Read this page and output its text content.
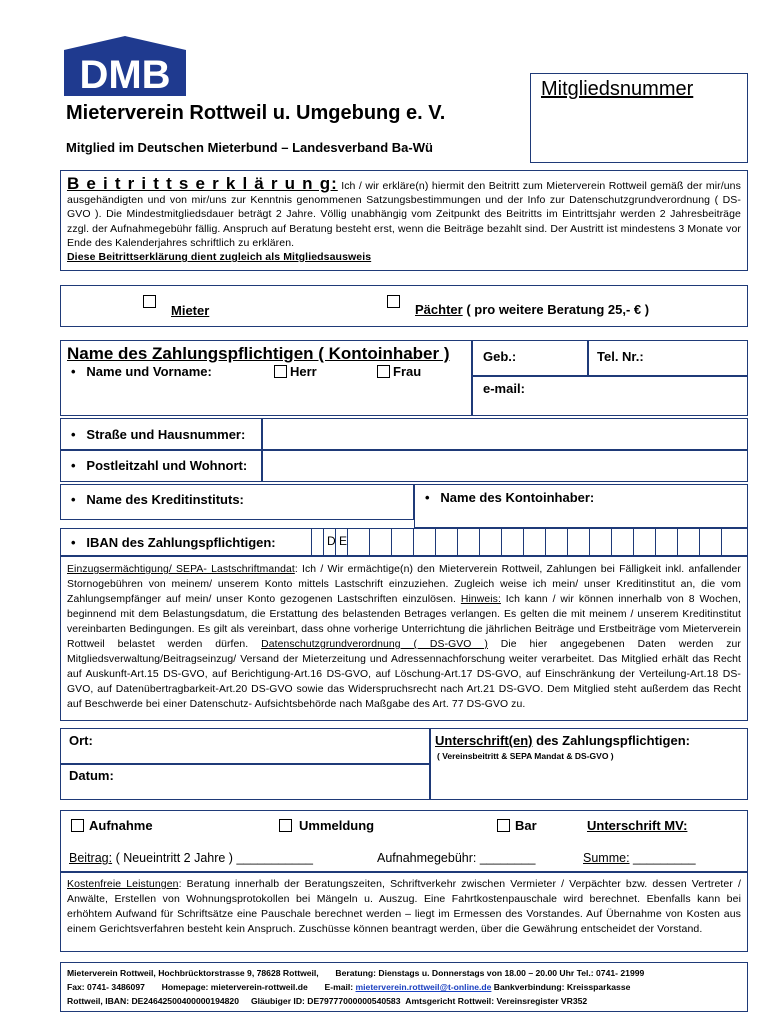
DMB
Mieterverein Rottweil u. Umgebung e. V.
Mitglied im Deutschen Mieterbund – Landesverband Ba-Wü
Mitgliedsnummer
B e i t r i t t s e r k l ä r u n g: Ich / wir erkläre(n) hiermit den Beitritt zum Mieterverein Rottweil gemäß der mir/uns ausgehändigten und von mir/uns zur Kenntnis genommenen Satzungsbestimmungen und der Info zur Datenschutzgrundverordnung ( DS-GVO ). Die Mindestmitgliedsdauer beträgt 2 Jahre. Völlig unabhängig vom Zeitpunkt des Beitritts im Eintrittsjahr werden 2 Jahresbeiträge zzgl. der Aufnahmegebühr fällig. Anspruch auf Beratung besteht erst, wenn die Beiträge bezahlt sind. Der Austritt ist mindestens 3 Monate vor Ende des Kalenderjahres schriftlich zu erklären.
Diese Beitrittserklärung dient zugleich als Mitgliedsausweis
Mieter	Pächter ( pro weitere Beratung 25,- € )
Name des Zahlungspflichtigen ( Kontoinhaber )
• Name und Vorname:	Herr	Frau
Geb.:	Tel. Nr.:
e-mail:
• Straße und Hausnummer:
• Postleitzahl und Wohnort:
• Name des Kreditinstituts:	• Name des Kontoinhaber:
• IBAN des Zahlungspflichtigen:	D E
Einzugsermächtigung/ SEPA- Lastschriftmandat: Ich / Wir ermächtige(n) den Mieterverein Rottweil, Zahlungen bei Fälligkeit inkl. anfallender Stornogebühren von meinem/ unserem Konto mittels Lastschrift einzuziehen. Zugleich weise ich mein/ unser Kreditinstitut an, die vom Zahlungsempfänger auf mein/ unser Konto gezogenen Lastschriften einzulösen. Hinweis: Ich kann / wir können innerhalb von 8 Wochen, beginnend mit dem Belastungsdatum, die Erstattung des belastenden Betrages verlangen. Es gelten die mit meinem / unserem Kreditinstitut vereinbarten Bedingungen. Es gilt als vereinbart, dass ohne vorherige Unterrichtung die jährlichen Beiträge und Erstbeiträge vom Mieterverein Rottweil belastet werden dürfen. Datenschutzgrundverordnung ( DS-GVO ) Die hier angegebenen Daten werden zur Mitgliedsverwaltung/Beitragseinzug/ Versand der Mieterzeitung und Adressennachforschung weiter verarbeitet. Das Mitglied erhält das Recht auf Auskunft-Art.15 DS-GVO, auf Berichtigung-Art.16 DS-GVO, auf Löschung-Art.17 DS-GVO, auf Einschränkung der Verteilung-Art.18 DS-GVO, auf Datenübertragbarkeit-Art.20 DS-GVO sowie das Widerspruchsrecht nach Art.21 DS-GVO. Dem Mitglied steht außerdem das Recht auf Beschwerde bei einer Datenschutz- Aufsichtsbehörde nach Maßgabe des Art. 77 DS-GVO zu.
Ort:
Datum:
Unterschrift(en) des Zahlungspflichtigen:
( Vereinsbeitritt & SEPA Mandat & DS-GVO )
Aufnahme	Ummeldung	Bar	Unterschrift MV:
Beitrag: ( Neueintritt 2 Jahre ) ___________	Aufnahmegebühr: ________	Summe: _________
Kostenfreie Leistungen: Beratung innerhalb der Beratungszeiten, Schriftverkehr zwischen Vermieter / Verpächter bzw. dessen Vertreter / Anwälte, Erstellen von Wohnungsprotokollen bei Mängeln u. Auszug. Eine Fahrtkostenpauschale wird berechnet. Ebenfalls kann bei erhöhtem Aufwand für Schriftsätze eine Pauschale berechnet werden – liegt im Ermessen des Vorstandes. Auf Übernahme von Kosten aus einem Gerichtsverfahren besteht kein Anspruch. Zuschüsse können beantragt werden, über die Gewährung entscheidet der Vorstand.
Mieterverein Rottweil, Hochbrücktorstrasse 9, 78628 Rottweil, Beratung: Dienstags u. Donnerstags von 18.00 – 20.00 Uhr Tel.: 0741- 21999
Fax: 0741- 3486097 Homepage: mieterverein-rottweil.de E-mail: mieterverein.rottweil@t-online.de Bankverbindung: Kreissparkasse
Rottweil, IBAN: DE24642500400000194820 Gläubiger ID: DE79777000000540583 Amtsgericht Rottweil: Vereinsregister VR352
